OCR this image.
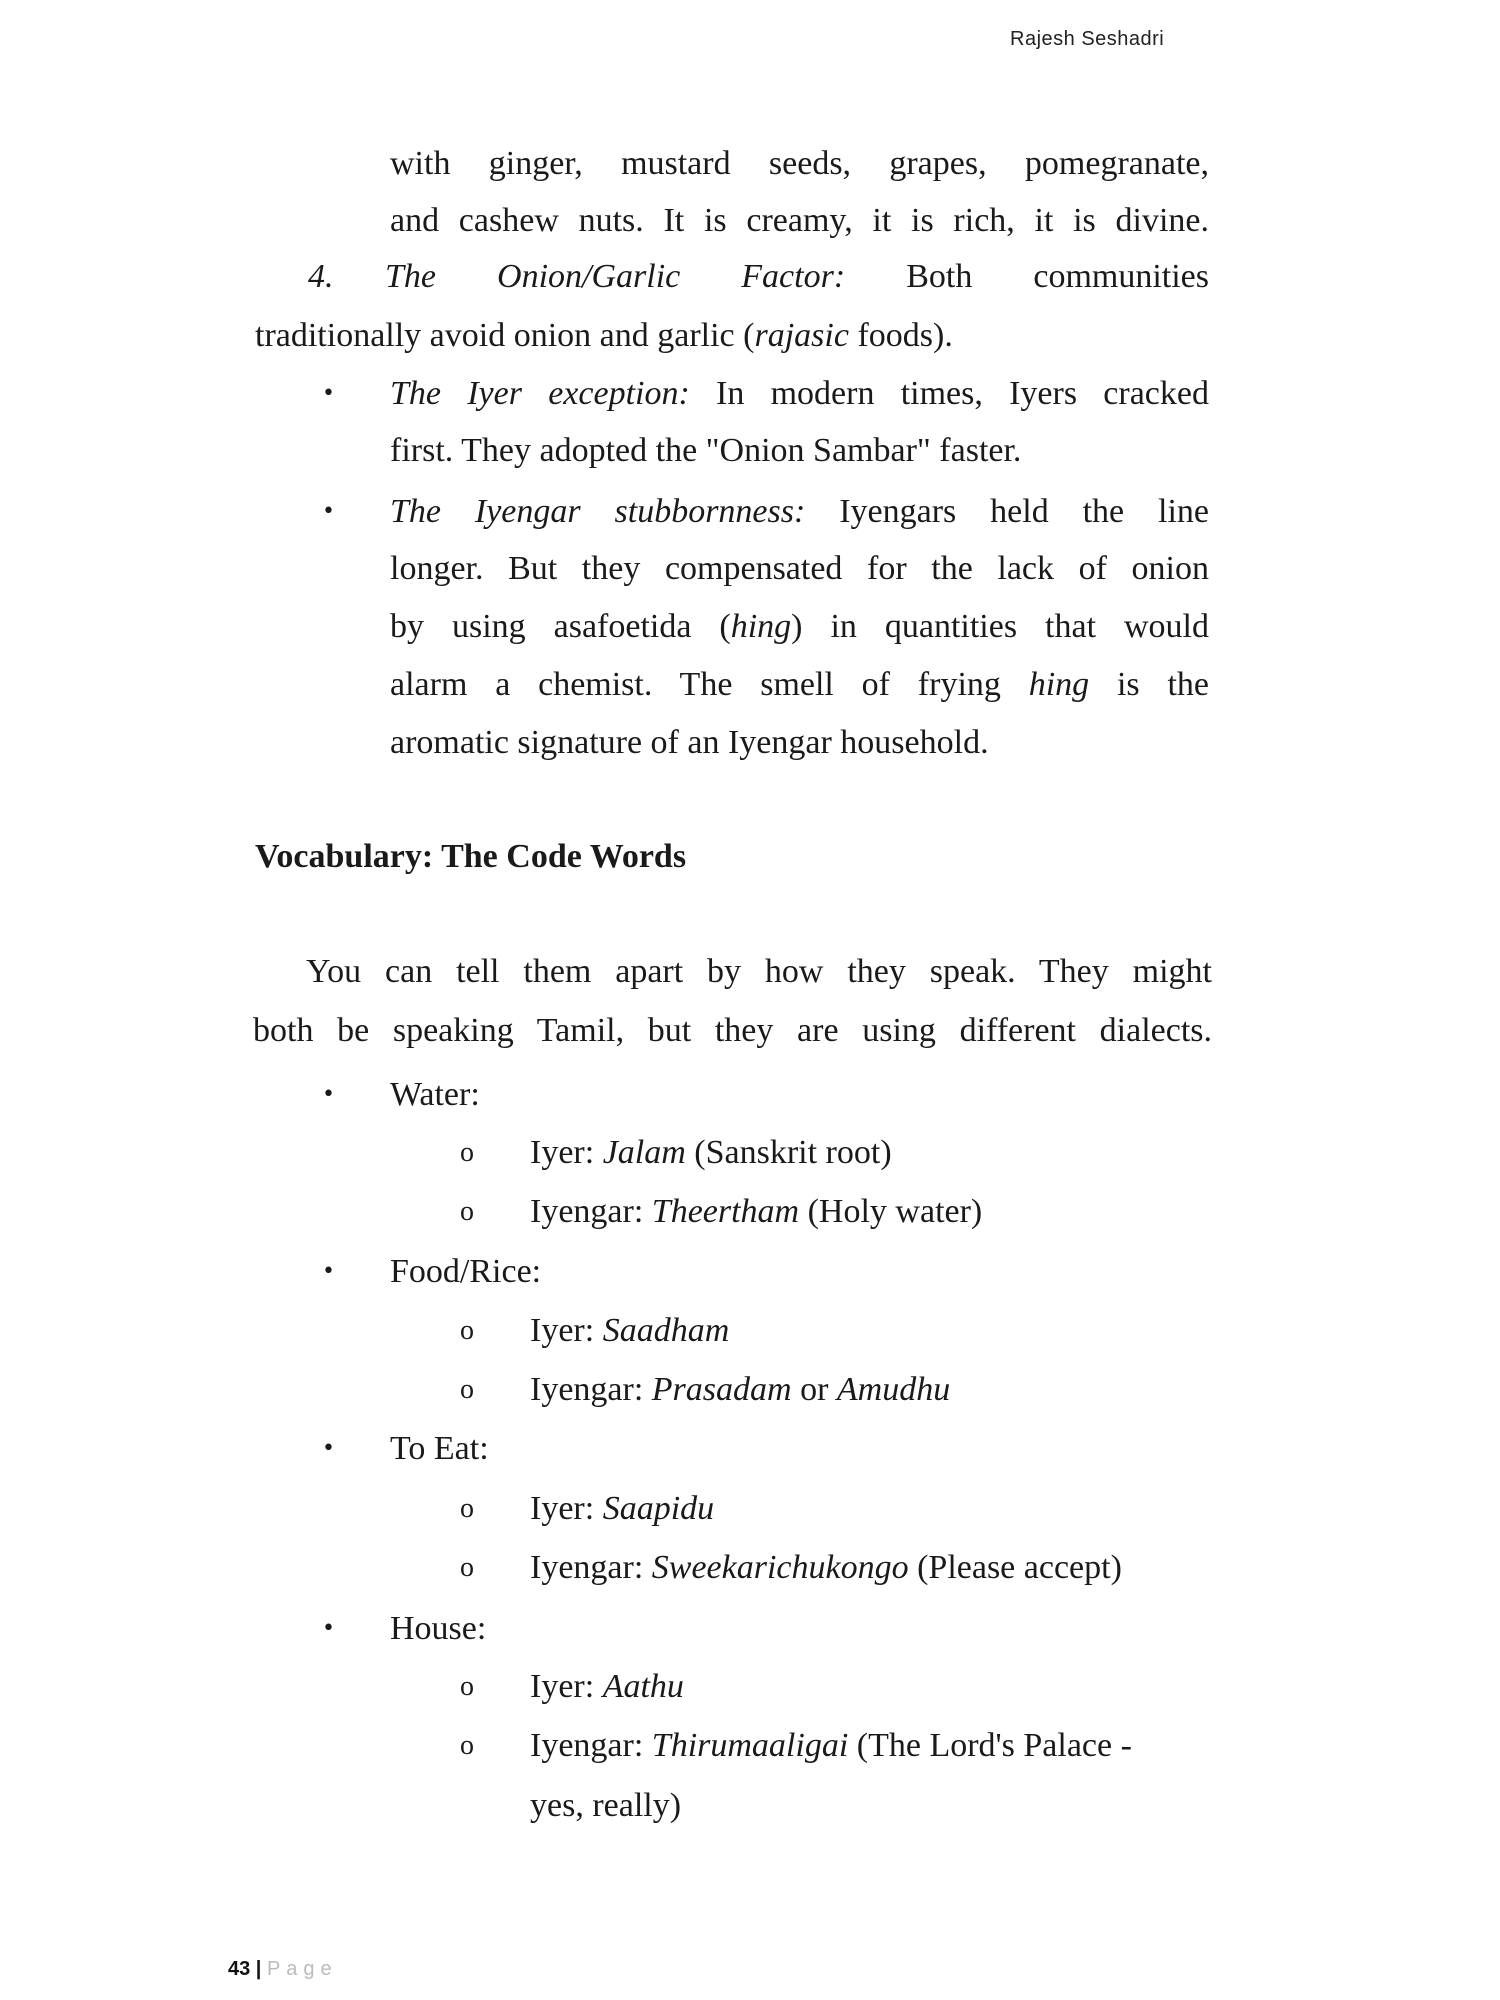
Rajesh Seshadri
with ginger, mustard seeds, grapes, pomegranate,
and cashew nuts. It is creamy, it is rich, it is divine.
4. The Onion/Garlic Factor: Both communities
traditionally avoid onion and garlic (rajasic foods).
• The Iyer exception: In modern times, Iyers cracked
first. They adopted the "Onion Sambar" faster.
• The Iyengar stubbornness: Iyengars held the line
longer. But they compensated for the lack of onion
by using asafoetida (hing) in quantities that would
alarm a chemist. The smell of frying hing is the
aromatic signature of an Iyengar household.
Vocabulary: The Code Words
You can tell them apart by how they speak. They might
both be speaking Tamil, but they are using different dialects.
• Water:
o Iyer: Jalam (Sanskrit root)
o Iyengar: Theertham (Holy water)
• Food/Rice:
o Iyer: Saadham
o Iyengar: Prasadam or Amudhu
• To Eat:
o Iyer: Saapidu
o Iyengar: Sweekarichukongo (Please accept)
• House:
o Iyer: Aathu
o Iyengar: Thirumaaligai (The Lord's Palace -
yes, really)
43 | Page
